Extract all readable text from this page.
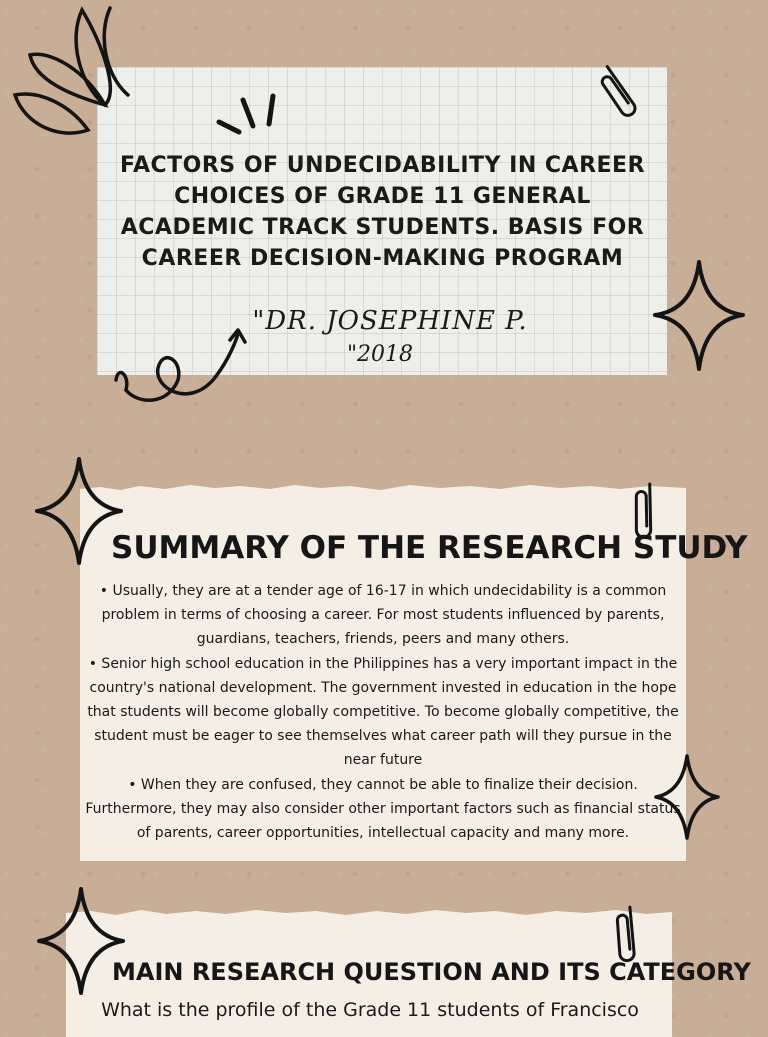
FACTORS OF UNDECIDABILITY IN CAREER CHOICES OF GRADE 11 GENERAL ACADEMIC TRACK STUDENTS. BASIS FOR CAREER DECISION-MAKING PROGRAM

"DR. JOSEPHINE P.

"2018

SUMMARY OF THE RESEARCH STUDY

• Usually, they are at a tender age of 16-17 in which undecidability is a common problem in terms of choosing a career. For most students influenced by parents, guardians, teachers, friends, peers and many others.

• Senior high school education in the Philippines has a very important impact in the country's national development. The government invested in education in the hope that students will become globally competitive. To become globally competitive, the student must be eager to see themselves what career path will they pursue in the near future

• When they are confused, they cannot be able to finalize their decision. Furthermore, they may also consider other important factors such as financial status of parents, career opportunities, intellectual capacity and many more.

MAIN RESEARCH QUESTION AND ITS CATEGORY

What is the profile of the Grade 11 students of Francisco
